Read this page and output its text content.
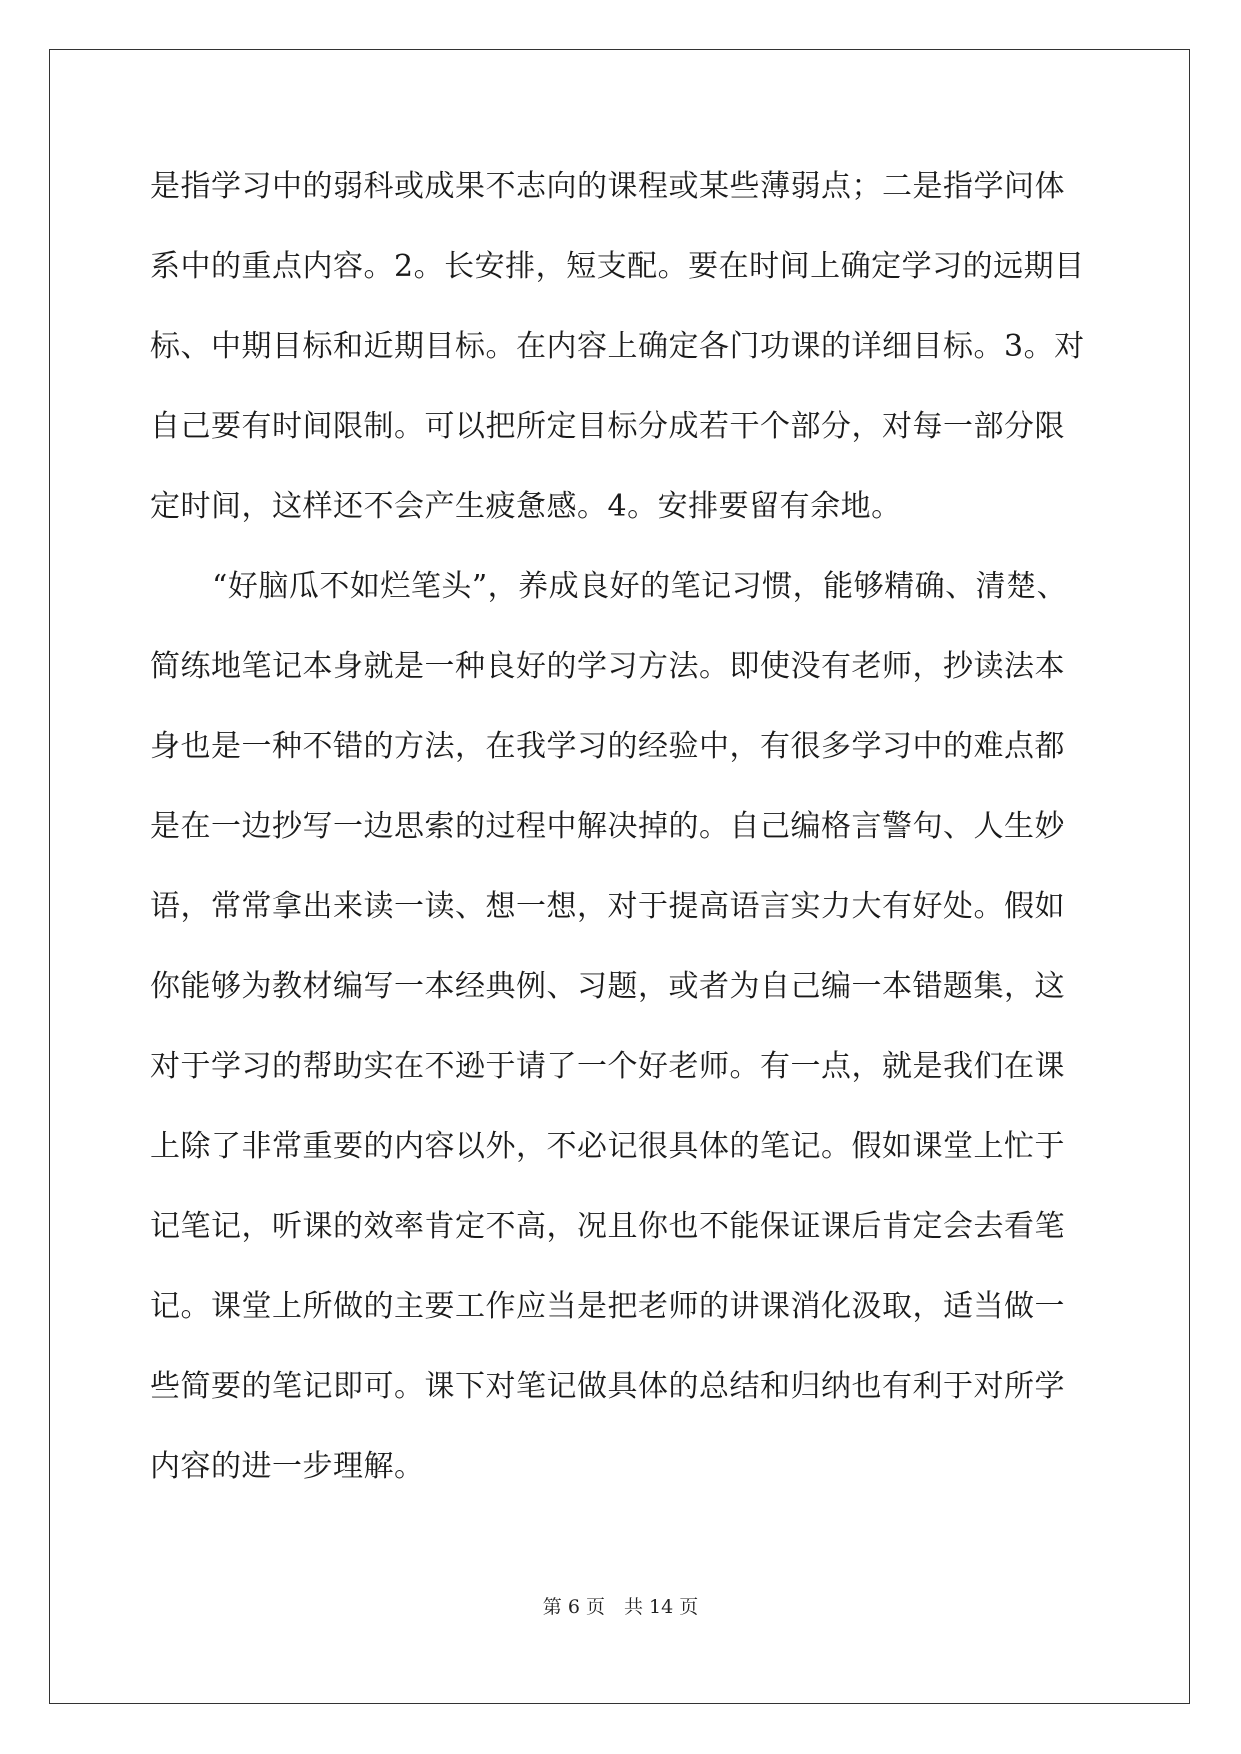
是指学习中的弱科或成果不志向的课程或某些薄弱点；二是指学问体
系中的重点内容。2。长安排，短支配。要在时间上确定学习的远期目
标、中期目标和近期目标。在内容上确定各门功课的详细目标。3。对
自己要有时间限制。可以把所定目标分成若干个部分，对每一部分限
定时间，这样还不会产生疲惫感。4。安排要留有余地。
“好脑瓜不如烂笔头”，养成良好的笔记习惯，能够精确、清楚、
简练地笔记本身就是一种良好的学习方法。即使没有老师，抄读法本
身也是一种不错的方法，在我学习的经验中，有很多学习中的难点都
是在一边抄写一边思索的过程中解决掉的。自己编格言警句、人生妙
语，常常拿出来读一读、想一想，对于提高语言实力大有好处。假如
你能够为教材编写一本经典例、习题，或者为自己编一本错题集，这
对于学习的帮助实在不逊于请了一个好老师。有一点，就是我们在课
上除了非常重要的内容以外，不必记很具体的笔记。假如课堂上忙于
记笔记，听课的效率肯定不高，况且你也不能保证课后肯定会去看笔
记。课堂上所做的主要工作应当是把老师的讲课消化汲取，适当做一
些简要的笔记即可。课下对笔记做具体的总结和归纳也有利于对所学
内容的进一步理解。
第 6 页　共 14 页
